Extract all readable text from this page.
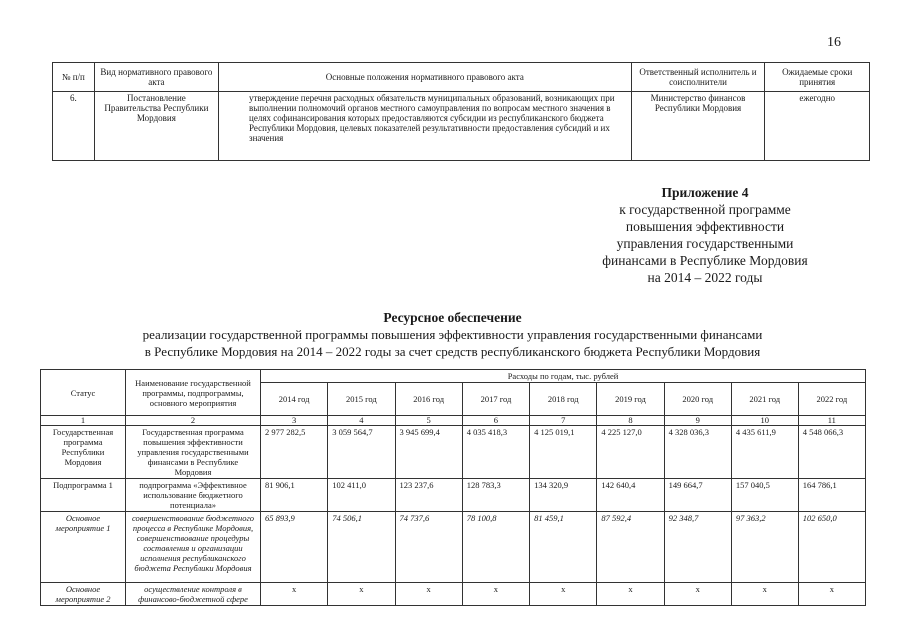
16
№ п/п	Вид нормативного правового акта	Основные положения нормативного правового акта	Ответственный исполнитель и соисполнители	Ожидаемые сроки принятия
6.	Постановление Правительства Республики Мордовия	утверждение перечня расходных обязательств муниципальных образований, возникающих при выполнении полномочий органов местного самоуправления по вопросам местного значения в целях софинансирования которых предоставляются субсидии из республиканского бюджета Республики Мордовия, целевых показателей результативности предоставления субсидий и их значения	Министерство финансов Республики Мордовия	ежегодно
Приложение 4
к государственной программе
повышения эффективности
управления государственными
финансами в Республике Мордовия
на 2014 – 2022 годы
Ресурсное обеспечение
реализации государственной программы повышения эффективности управления государственными финансами
в Республике Мордовия на 2014 – 2022 годы за счет средств республиканского бюджета Республики Мордовия
Статус	Наименование государственной программы, подпрограммы, основного мероприятия	Расходы по годам, тыс. рублей								
		2014 год	2015 год	2016 год	2017 год	2018 год	2019 год	2020 год	2021 год	2022 год
1	2	3	4	5	6	7	8	9	10	11
Государственная программа Республики Мордовия	Государственная программа повышения эффективности управления государственными финансами в Республике Мордовия	2 977 282,5	3 059 564,7	3 945 699,4	4 035 418,3	4 125 019,1	4 225 127,0	4 328 036,3	4 435 611,9	4 548 066,3
Подпрограмма 1	подпрограмма «Эффективное использование бюджетного потенциала»	81 906,1	102 411,0	123 237,6	128 783,3	134 320,9	142 640,4	149 664,7	157 040,5	164 786,1
Основное мероприятие 1	совершенствование бюджетного процесса в Республике Мордовия, совершенствование процедуры составления и организации исполнения республиканского бюджета Республики Мордовия	65 893,9	74 506,1	74 737,6	78 100,8	81 459,1	87 592,4	92 348,7	97 363,2	102 650,0
Основное мероприятие 2	осуществление контроля в финансово-бюджетной сфере	х	х	х	х	х	х	х	х	х
